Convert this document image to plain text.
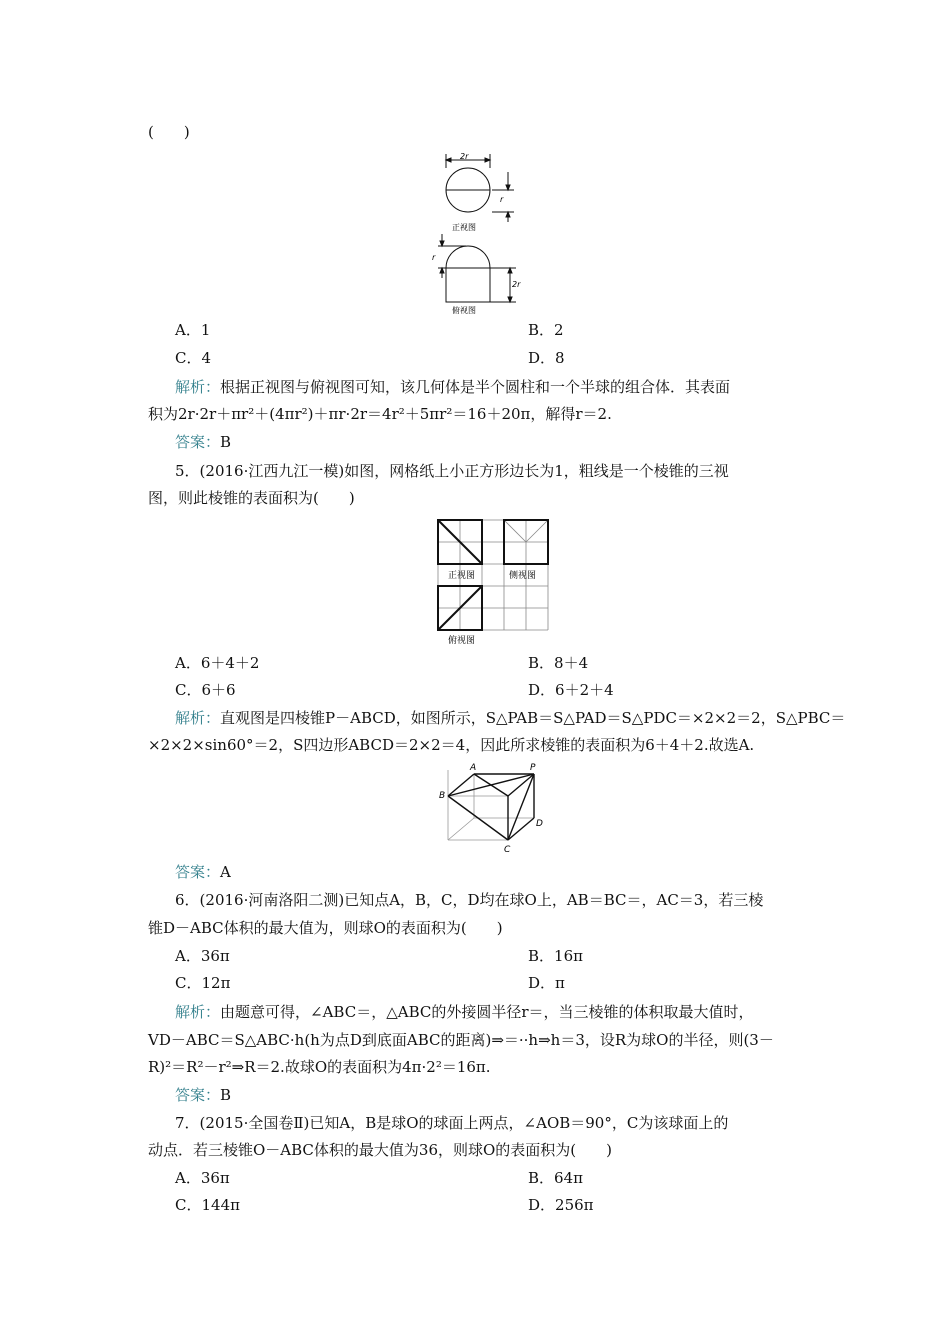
(　　)
2r
r
正视图
r
2r
俯视图
A．1	B．2
C．4	D．8
解析：根据正视图与俯视图可知，该几何体是半个圆柱和一个半球的组合体．其表面
积为2r·2r＋πr²＋(4πr²)＋πr·2r＝4r²＋5πr²＝16＋20π，解得r＝2.
答案：B
5．(2016·江西九江一模)如图，网格纸上小正方形边长为1，粗线是一个棱锥的三视
图，则此棱锥的表面积为(　　)
正视图	侧视图
俯视图
A．6＋4＋2	B．8＋4
C．6＋6	D．6＋2＋4
解析：直观图是四棱锥P－ABCD，如图所示，S△PAB＝S△PAD＝S△PDC＝×2×2＝2，S△PBC＝
×2×2×sin60°＝2，S四边形ABCD＝2×2＝4，因此所求棱锥的表面积为6＋4＋2.故选A.
A	P
B
D
C
答案：A
6．(2016·河南洛阳二测)已知点A，B，C，D均在球O上，AB＝BC＝，AC＝3，若三棱
锥D－ABC体积的最大值为，则球O的表面积为(　　)
A．36π	B．16π
C．12π	D．π
解析：由题意可得，∠ABC＝，△ABC的外接圆半径r＝，当三棱锥的体积取最大值时，
VD－ABC＝S△ABC·h(h为点D到底面ABC的距离)⇒＝··h⇒h＝3，设R为球O的半径，则(3－
R)²＝R²－r²⇒R＝2.故球O的表面积为4π·2²＝16π.
答案：B
7．(2015·全国卷Ⅱ)已知A，B是球O的球面上两点，∠AOB＝90°，C为该球面上的
动点．若三棱锥O－ABC体积的最大值为36，则球O的表面积为(　　)
A．36π	B．64π
C．144π	D．256π
